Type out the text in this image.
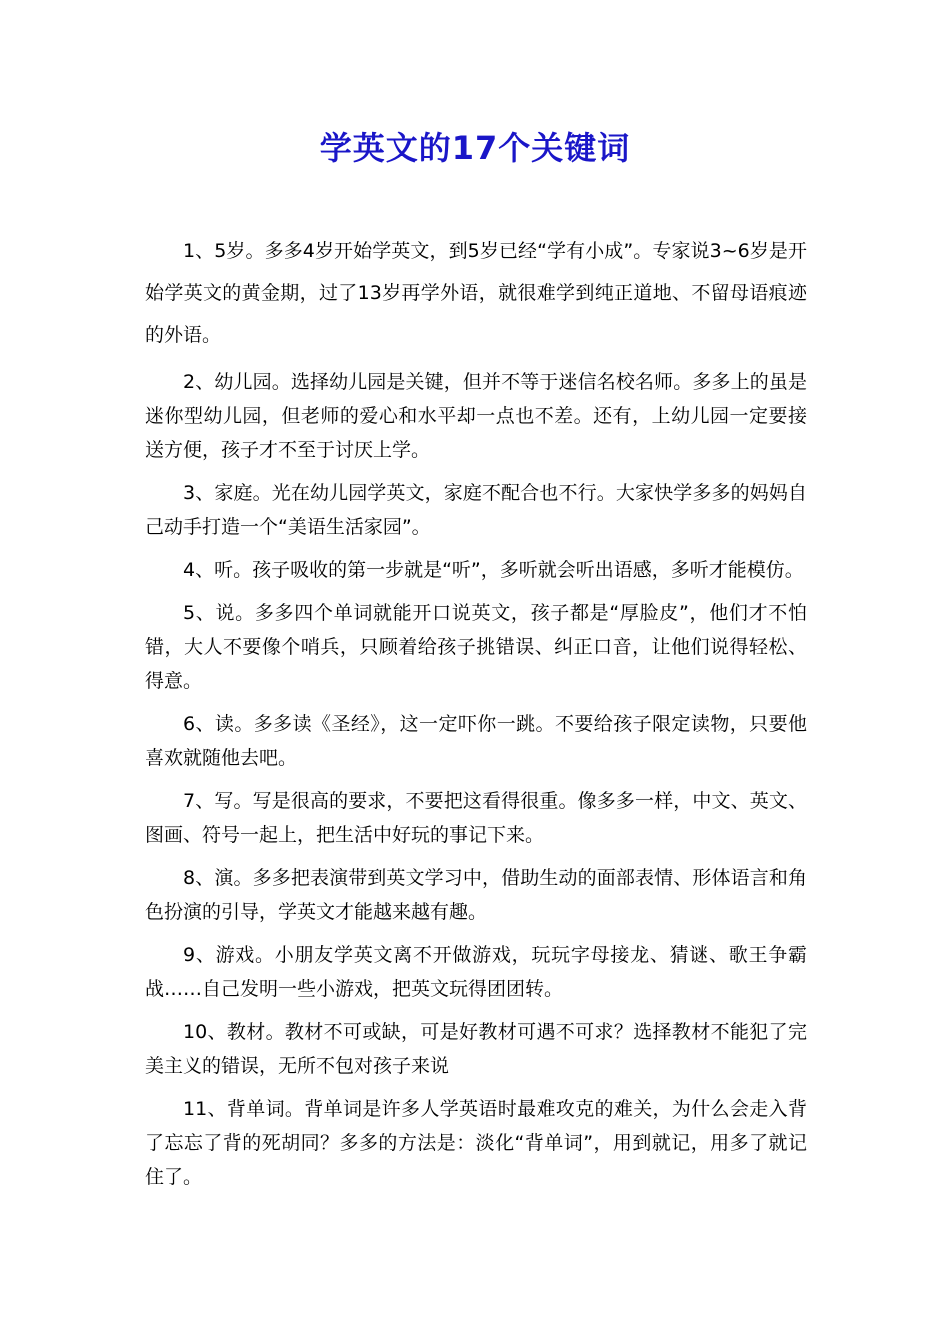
学英文的17个关键词

1、5岁。多多4岁开始学英文，到5岁已经“学有小成”。专家说3~6岁是开始学英文的黄金期，过了13岁再学外语，就很难学到纯正道地、不留母语痕迹的外语。

2、幼儿园。选择幼儿园是关键，但并不等于迷信名校名师。多多上的虽是迷你型幼儿园，但老师的爱心和水平却一点也不差。还有，上幼儿园一定要接送方便，孩子才不至于讨厌上学。

3、家庭。光在幼儿园学英文，家庭不配合也不行。大家快学多多的妈妈自己动手打造一个“美语生活家园”。

4、听。孩子吸收的第一步就是“听”，多听就会听出语感，多听才能模仿。

5、说。多多四个单词就能开口说英文，孩子都是“厚脸皮”，他们才不怕错，大人不要像个哨兵，只顾着给孩子挑错误、纠正口音，让他们说得轻松、得意。

6、读。多多读《圣经》，这一定吓你一跳。不要给孩子限定读物，只要他喜欢就随他去吧。

7、写。写是很高的要求，不要把这看得很重。像多多一样，中文、英文、图画、符号一起上，把生活中好玩的事记下来。

8、演。多多把表演带到英文学习中，借助生动的面部表情、形体语言和角色扮演的引导，学英文才能越来越有趣。

9、游戏。小朋友学英文离不开做游戏，玩玩字母接龙、猜谜、歌王争霸战……自己发明一些小游戏，把英文玩得团团转。

10、教材。教材不可或缺，可是好教材可遇不可求？选择教材不能犯了完美主义的错误，无所不包对孩子来说

11、背单词。背单词是许多人学英语时最难攻克的难关，为什么会走入背了忘忘了背的死胡同？多多的方法是：淡化“背单词”，用到就记，用多了就记住了。
